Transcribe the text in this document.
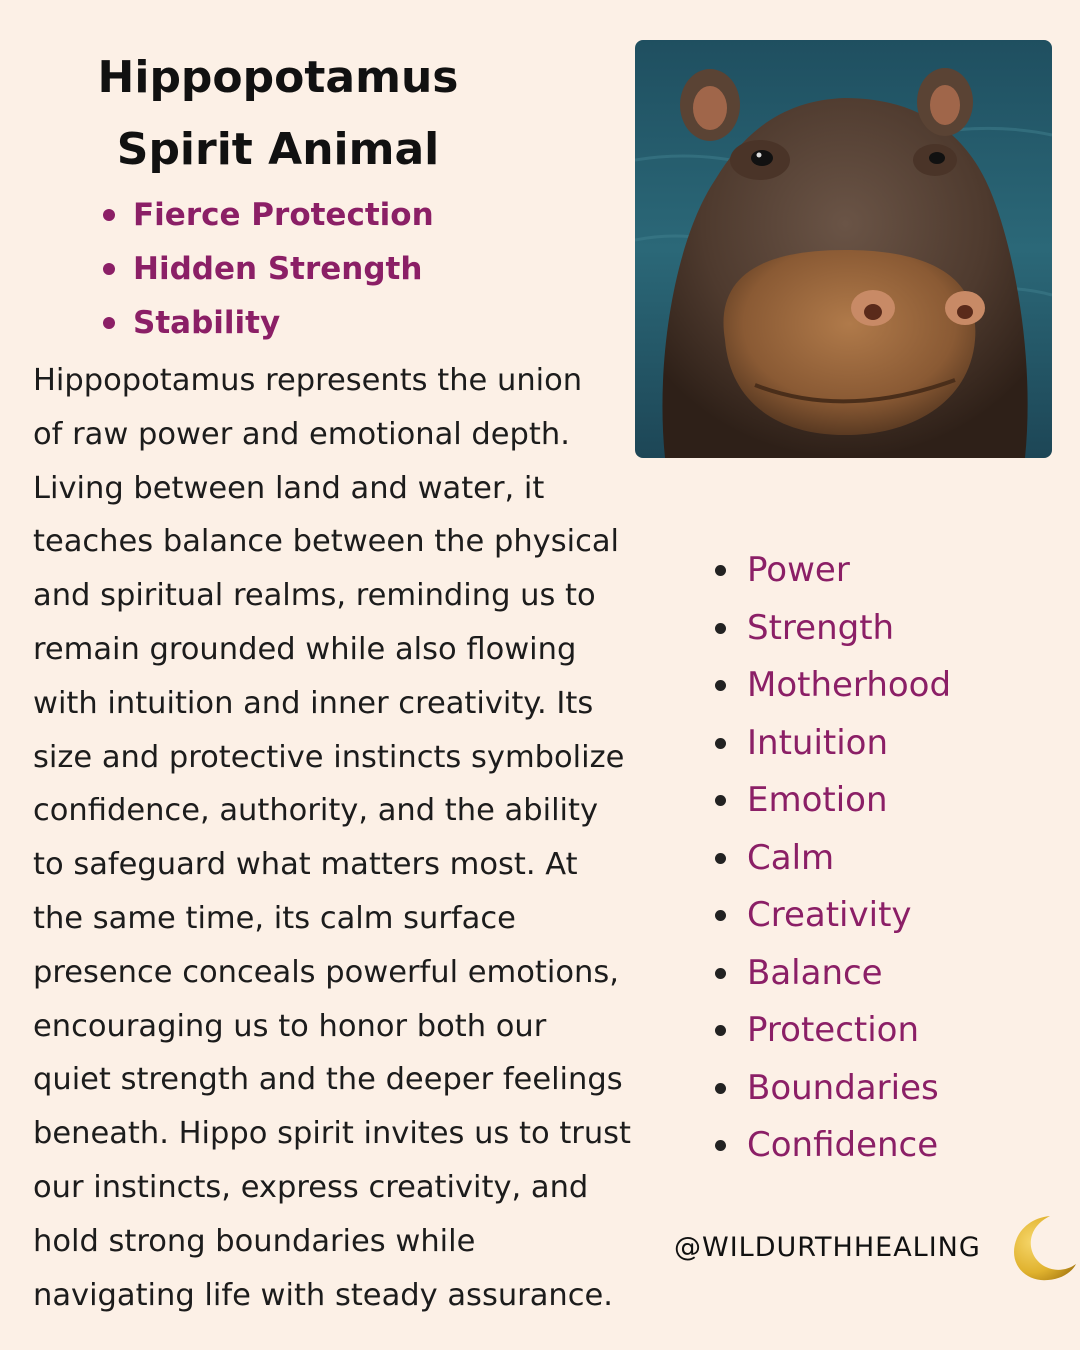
Hippopotamus
Spirit Animal
Fierce Protection
Hidden Strength
Stability
Hippopotamus represents the union
of raw power and emotional depth.
Living between land and water, it
teaches balance between the physical
and spiritual realms, reminding us to
remain grounded while also flowing
with intuition and inner creativity. Its
size and protective instincts symbolize
confidence, authority, and the ability
to safeguard what matters most. At
the same time, its calm surface
presence conceals powerful emotions,
encouraging us to honor both our
quiet strength and the deeper feelings
beneath. Hippo spirit invites us to trust
our instincts, express creativity, and
hold strong boundaries while
navigating life with steady assurance.
Power
Strength
Motherhood
Intuition
Emotion
Calm
Creativity
Balance
Protection
Boundaries
Confidence
@WILDURTHHEALING
